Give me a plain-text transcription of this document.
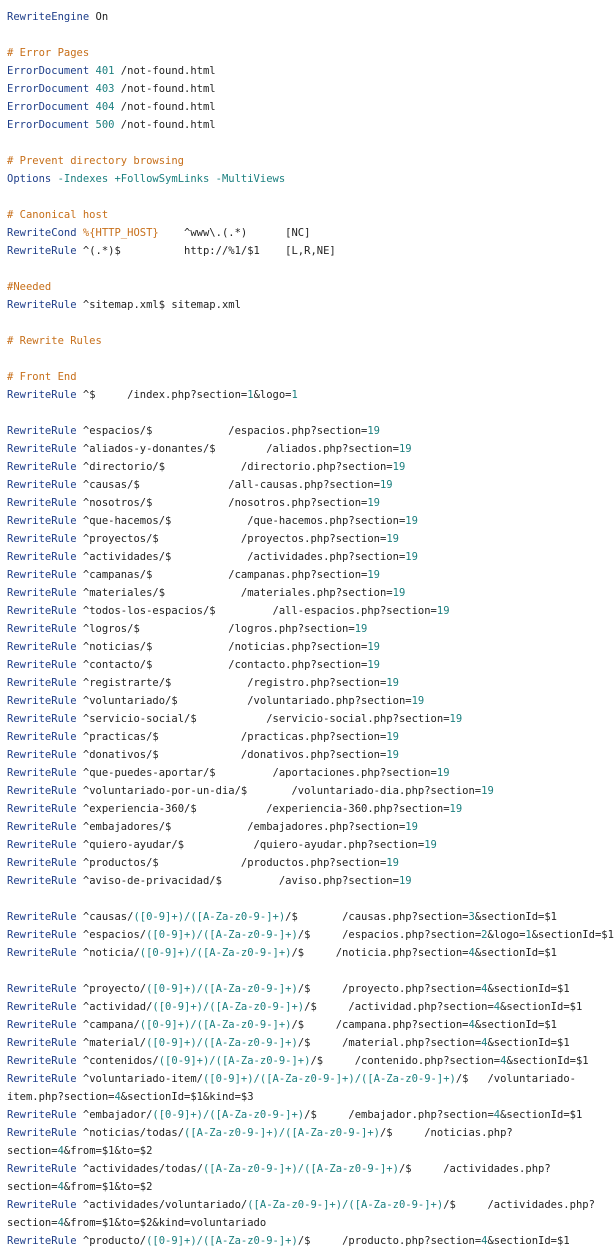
RewriteEngine On
# Error Pages
ErrorDocument 401 /not-found.html
ErrorDocument 403 /not-found.html
ErrorDocument 404 /not-found.html
ErrorDocument 500 /not-found.html
# Prevent directory browsing
Options -Indexes +FollowSymLinks -MultiViews
# Canonical host
RewriteCond %{HTTP_HOST}    ^www\.(.*)      [NC]
RewriteRule ^(.*)$          http://%1/$1    [L,R,NE]
#Needed
RewriteRule ^sitemap.xml$ sitemap.xml
# Rewrite Rules
# Front End
RewriteRule ^$     /index.php?section=1&logo=1
RewriteRule ^espacios/$            /espacios.php?section=19
RewriteRule ^aliados-y-donantes/$        /aliados.php?section=19
RewriteRule ^directorio/$            /directorio.php?section=19
RewriteRule ^causas/$              /all-causas.php?section=19
RewriteRule ^nosotros/$            /nosotros.php?section=19
RewriteRule ^que-hacemos/$            /que-hacemos.php?section=19
RewriteRule ^proyectos/$             /proyectos.php?section=19
RewriteRule ^actividades/$            /actividades.php?section=19
RewriteRule ^campanas/$            /campanas.php?section=19
RewriteRule ^materiales/$            /materiales.php?section=19
RewriteRule ^todos-los-espacios/$         /all-espacios.php?section=19
RewriteRule ^logros/$              /logros.php?section=19
RewriteRule ^noticias/$            /noticias.php?section=19
RewriteRule ^contacto/$            /contacto.php?section=19
RewriteRule ^registrarte/$            /registro.php?section=19
RewriteRule ^voluntariado/$           /voluntariado.php?section=19
RewriteRule ^servicio-social/$           /servicio-social.php?section=19
RewriteRule ^practicas/$             /practicas.php?section=19
RewriteRule ^donativos/$             /donativos.php?section=19
RewriteRule ^que-puedes-aportar/$         /aportaciones.php?section=19
RewriteRule ^voluntariado-por-un-dia/$       /voluntariado-dia.php?section=19
RewriteRule ^experiencia-360/$           /experiencia-360.php?section=19
RewriteRule ^embajadores/$            /embajadores.php?section=19
RewriteRule ^quiero-ayudar/$           /quiero-ayudar.php?section=19
RewriteRule ^productos/$             /productos.php?section=19
RewriteRule ^aviso-de-privacidad/$         /aviso.php?section=19
RewriteRule ^causas/([0-9]+)/([A-Za-z0-9-]+)/$       /causas.php?section=3&sectionId=$1
RewriteRule ^espacios/([0-9]+)/([A-Za-z0-9-]+)/$     /espacios.php?section=2&logo=1&sectionId=$1
RewriteRule ^noticia/([0-9]+)/([A-Za-z0-9-]+)/$     /noticia.php?section=4&sectionId=$1
RewriteRule ^proyecto/([0-9]+)/([A-Za-z0-9-]+)/$     /proyecto.php?section=4&sectionId=$1
RewriteRule ^actividad/([0-9]+)/([A-Za-z0-9-]+)/$     /actividad.php?section=4&sectionId=$1
RewriteRule ^campana/([0-9]+)/([A-Za-z0-9-]+)/$     /campana.php?section=4&sectionId=$1
RewriteRule ^material/([0-9]+)/([A-Za-z0-9-]+)/$     /material.php?section=4&sectionId=$1
RewriteRule ^contenidos/([0-9]+)/([A-Za-z0-9-]+)/$     /contenido.php?section=4&sectionId=$1
RewriteRule ^voluntariado-item/([0-9]+)/([A-Za-z0-9-]+)/([A-Za-z0-9-]+)/$   /voluntariado-
item.php?section=4&sectionId=$1&kind=$3
RewriteRule ^embajador/([0-9]+)/([A-Za-z0-9-]+)/$     /embajador.php?section=4&sectionId=$1
RewriteRule ^noticias/todas/([A-Za-z0-9-]+)/([A-Za-z0-9-]+)/$     /noticias.php?
section=4&from=$1&to=$2
RewriteRule ^actividades/todas/([A-Za-z0-9-]+)/([A-Za-z0-9-]+)/$     /actividades.php?
section=4&from=$1&to=$2
RewriteRule ^actividades/voluntariado/([A-Za-z0-9-]+)/([A-Za-z0-9-]+)/$     /actividades.php?
section=4&from=$1&to=$2&kind=voluntariado
RewriteRule ^producto/([0-9]+)/([A-Za-z0-9-]+)/$     /producto.php?section=4&sectionId=$1
